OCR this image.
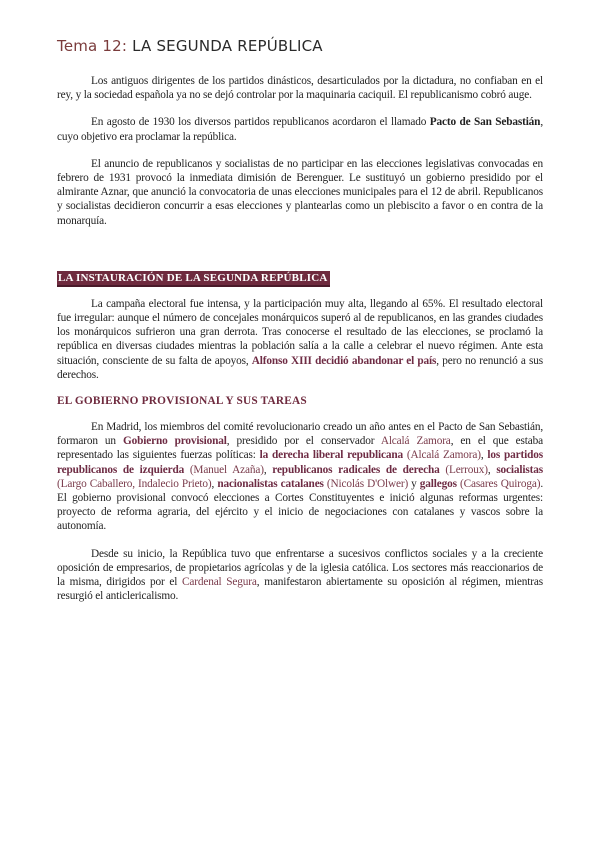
Tema 12: LA SEGUNDA REPÚBLICA

Los antiguos dirigentes de los partidos dinásticos, desarticulados por la dictadura, no confiaban en el rey, y la sociedad española ya no se dejó controlar por la maquinaria caciquil. El republicanismo cobró auge.

En agosto de 1930 los diversos partidos republicanos acordaron el llamado Pacto de San Sebastián, cuyo objetivo era proclamar la república.

El anuncio de republicanos y socialistas de no participar en las elecciones legislativas convocadas en febrero de 1931 provocó la inmediata dimisión de Berenguer. Le sustituyó un gobierno presidido por el almirante Aznar, que anunció la convocatoria de unas elecciones municipales para el 12 de abril. Republicanos y socialistas decidieron concurrir a esas elecciones y plantearlas como un plebiscito a favor o en contra de la monarquía.

LA INSTAURACIÓN DE LA SEGUNDA REPÚBLICA

La campaña electoral fue intensa, y la participación muy alta, llegando al 65%. El resultado electoral fue irregular: aunque el número de concejales monárquicos superó al de republicanos, en las grandes ciudades los monárquicos sufrieron una gran derrota. Tras conocerse el resultado de las elecciones, se proclamó la república en diversas ciudades mientras la población salía a la calle a celebrar el nuevo régimen. Ante esta situación, consciente de su falta de apoyos, Alfonso XIII decidió abandonar el país, pero no renunció a sus derechos.

EL GOBIERNO PROVISIONAL Y SUS TAREAS

En Madrid, los miembros del comité revolucionario creado un año antes en el Pacto de San Sebastián, formaron un Gobierno provisional, presidido por el conservador Alcalá Zamora, en el que estaba representado las siguientes fuerzas políticas: la derecha liberal republicana (Alcalá Zamora), los partidos republicanos de izquierda (Manuel Azaña), republicanos radicales de derecha (Lerroux), socialistas (Largo Caballero, Indalecio Prieto), nacionalistas catalanes (Nicolás D'Olwer) y gallegos (Casares Quiroga). El gobierno provisional convocó elecciones a Cortes Constituyentes e inició algunas reformas urgentes: proyecto de reforma agraria, del ejército y el inicio de negociaciones con catalanes y vascos sobre la autonomía.

Desde su inicio, la República tuvo que enfrentarse a sucesivos conflictos sociales y a la creciente oposición de empresarios, de propietarios agrícolas y de la iglesia católica. Los sectores más reaccionarios de la misma, dirigidos por el Cardenal Segura, manifestaron abiertamente su oposición al régimen, mientras resurgió el anticlericalismo.
